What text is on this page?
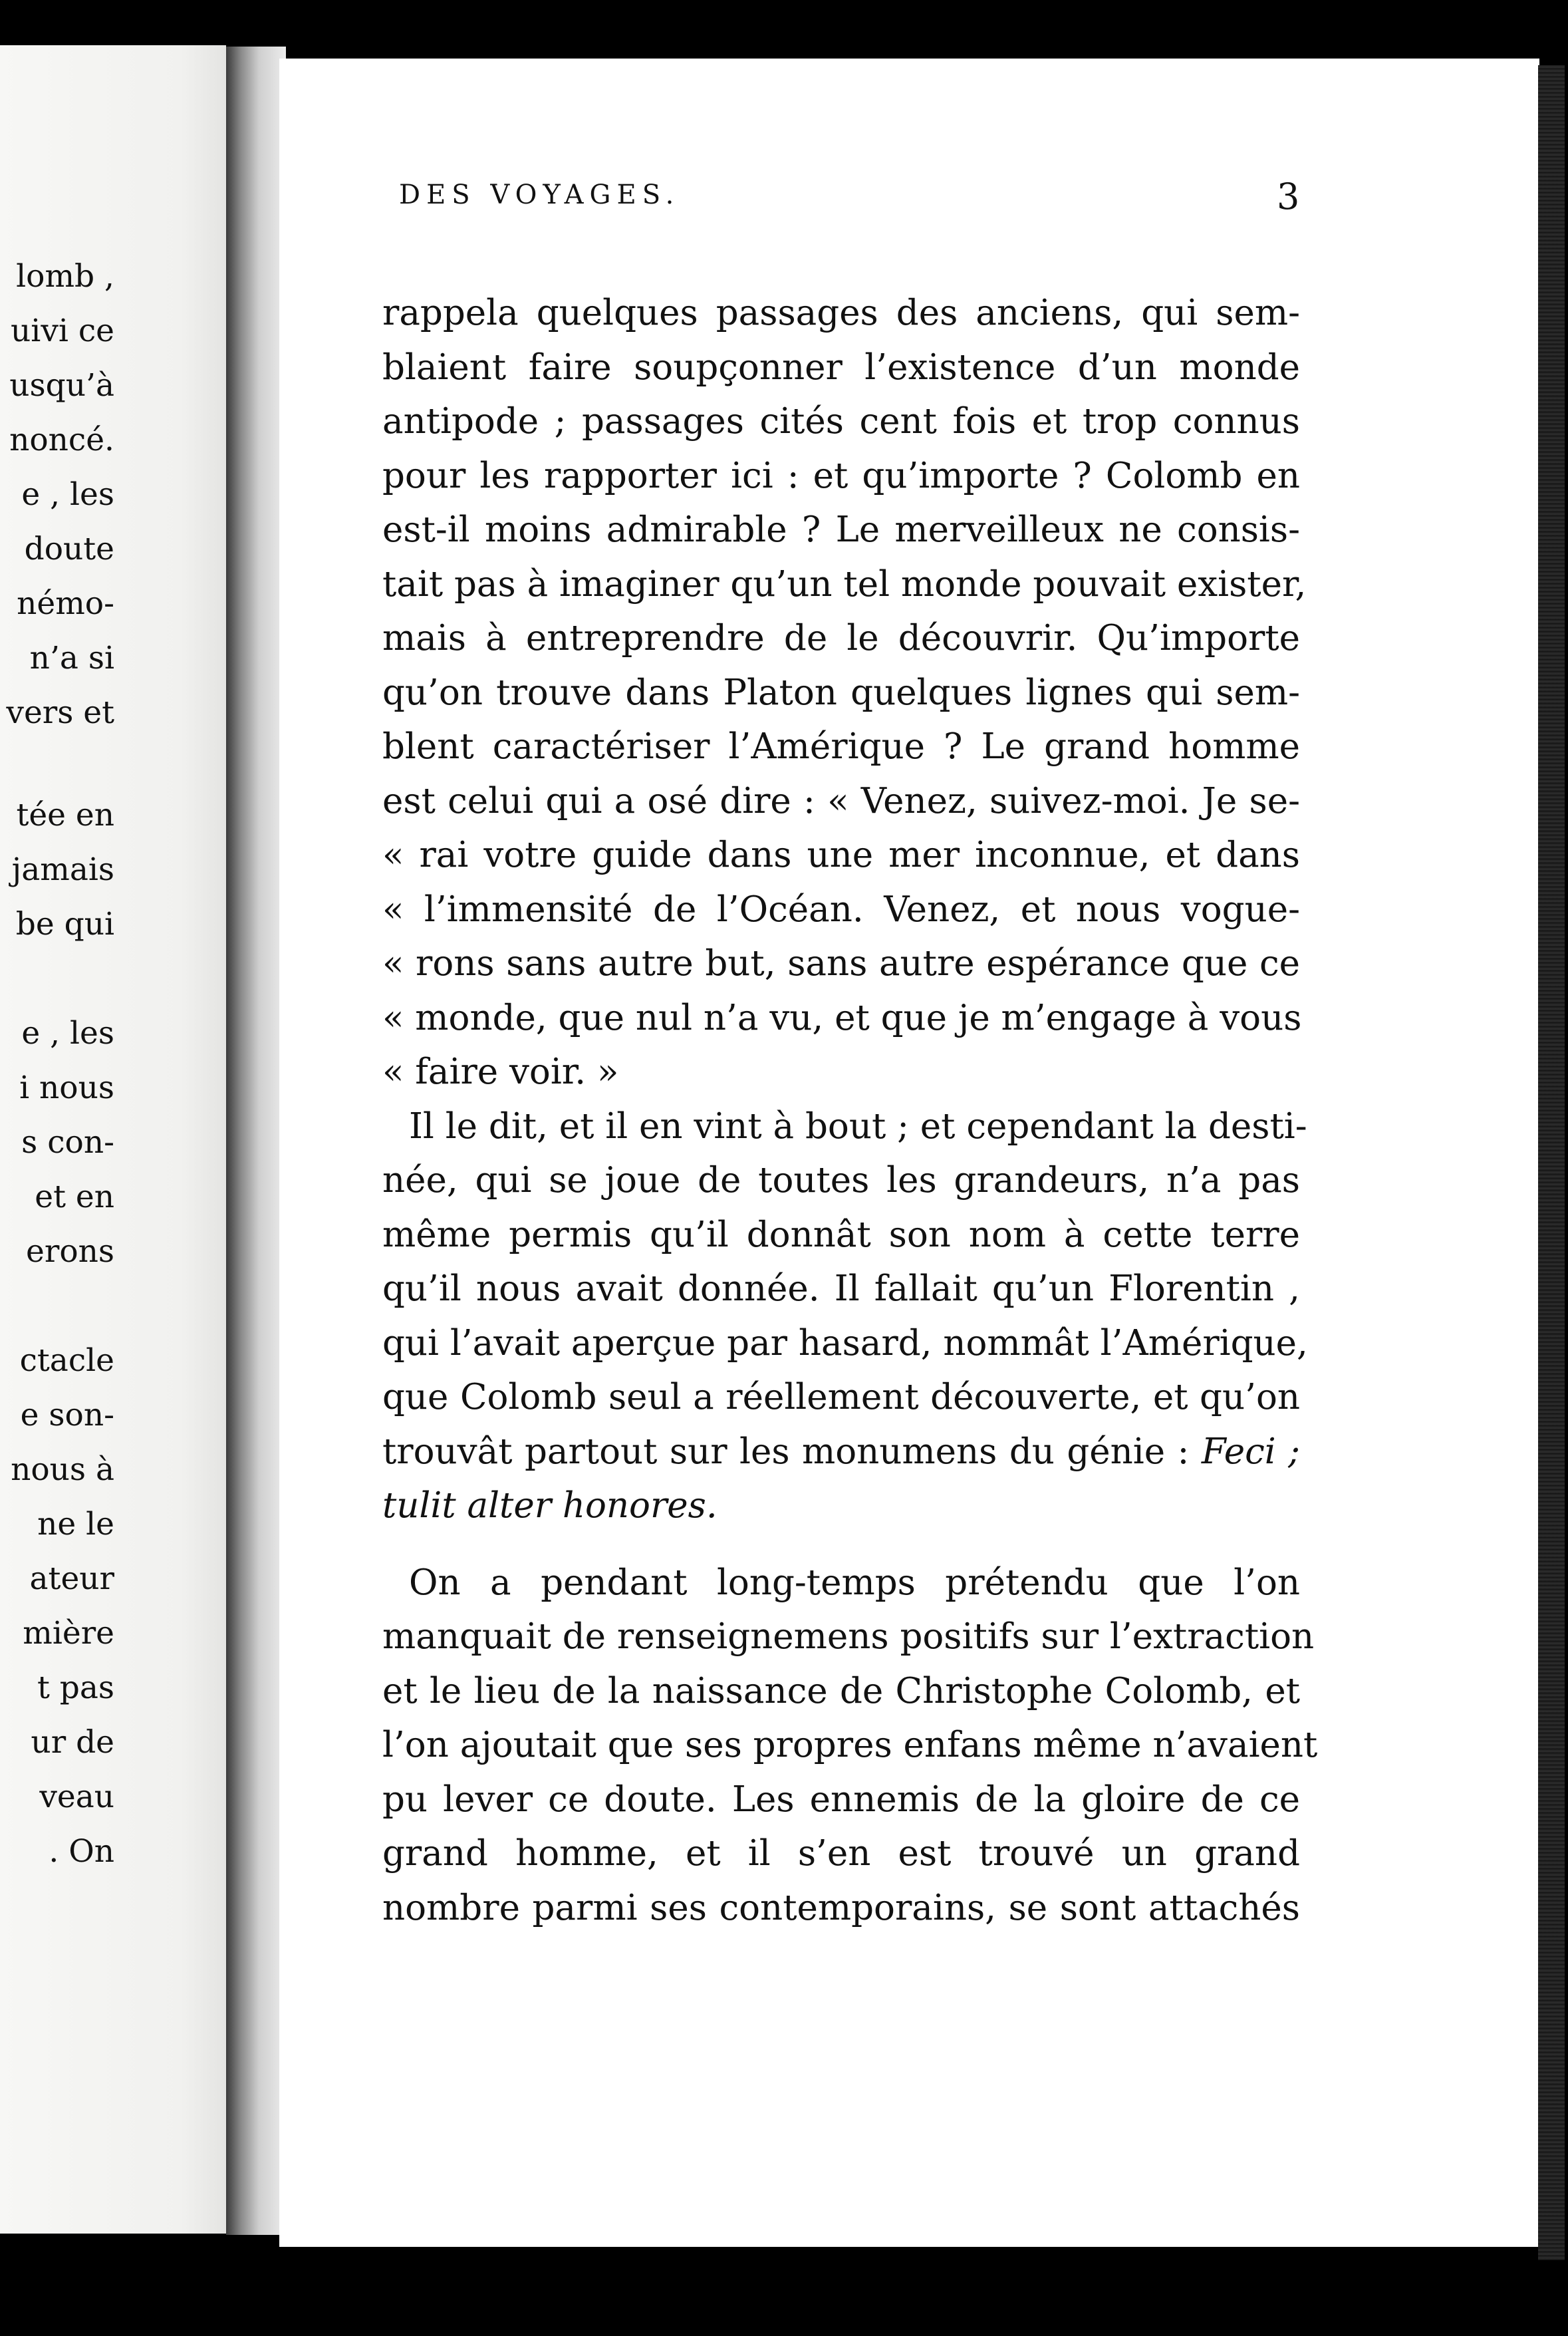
lomb ,
uivi ce
usqu’à
noncé.
e , les
doute
némo-
n’a si
vers et
tée en
jamais
be qui
e , les
i nous
s con-
et en
erons
ctacle
e son-
nous à
ne le
ateur
mière
t pas
ur de
veau
. On
DES VOYAGES.	3

rappela quelques passages des anciens, qui sem-
blaient faire soupçonner l’existence d’un monde
antipode ; passages cités cent fois et trop connus
pour les rapporter ici : et qu’importe ? Colomb en
est-il moins admirable ? Le merveilleux ne consis-
tait pas à imaginer qu’un tel monde pouvait exister,
mais à entreprendre de le découvrir. Qu’importe
qu’on trouve dans Platon quelques lignes qui sem-
blent caractériser l’Amérique ? Le grand homme
est celui qui a osé dire : « Venez, suivez-moi. Je se-
« rai votre guide dans une mer inconnue, et dans
« l’immensité de l’Océan. Venez, et nous vogue-
« rons sans autre but, sans autre espérance que ce
« monde, que nul n’a vu, et que je m’engage à vous
« faire voir. »

Il le dit, et il en vint à bout ; et cependant la desti-
née, qui se joue de toutes les grandeurs, n’a pas
même permis qu’il donnât son nom à cette terre
qu’il nous avait donnée. Il fallait qu’un Florentin ,
qui l’avait aperçue par hasard, nommât l’Amérique,
que Colomb seul a réellement découverte, et qu’on
trouvât partout sur les monumens du génie : Feci ;
tulit alter honores.

On a pendant long-temps prétendu que l’on
manquait de renseignemens positifs sur l’extraction
et le lieu de la naissance de Christophe Colomb, et
l’on ajoutait que ses propres enfans même n’avaient
pu lever ce doute. Les ennemis de la gloire de ce
grand homme, et il s’en est trouvé un grand
nombre parmi ses contemporains, se sont attachés
